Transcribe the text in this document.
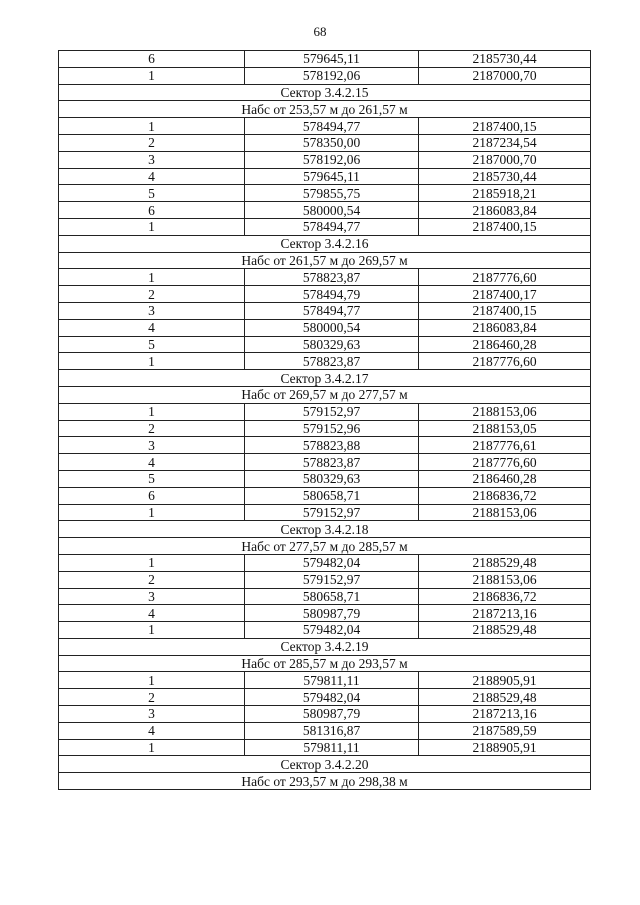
68
6	579645,11	2185730,44
1	578192,06	2187000,70
Сектор 3.4.2.15		
Набс от 253,57 м до 261,57 м		
1	578494,77	2187400,15
2	578350,00	2187234,54
3	578192,06	2187000,70
4	579645,11	2185730,44
5	579855,75	2185918,21
6	580000,54	2186083,84
1	578494,77	2187400,15
Сектор 3.4.2.16		
Набс от 261,57 м до 269,57 м		
1	578823,87	2187776,60
2	578494,79	2187400,17
3	578494,77	2187400,15
4	580000,54	2186083,84
5	580329,63	2186460,28
1	578823,87	2187776,60
Сектор 3.4.2.17		
Набс от 269,57 м до 277,57 м		
1	579152,97	2188153,06
2	579152,96	2188153,05
3	578823,88	2187776,61
4	578823,87	2187776,60
5	580329,63	2186460,28
6	580658,71	2186836,72
1	579152,97	2188153,06
Сектор 3.4.2.18		
Набс от 277,57 м до 285,57 м		
1	579482,04	2188529,48
2	579152,97	2188153,06
3	580658,71	2186836,72
4	580987,79	2187213,16
1	579482,04	2188529,48
Сектор 3.4.2.19		
Набс от 285,57 м до 293,57 м		
1	579811,11	2188905,91
2	579482,04	2188529,48
3	580987,79	2187213,16
4	581316,87	2187589,59
1	579811,11	2188905,91
Сектор 3.4.2.20		
Набс от 293,57 м до 298,38 м		
